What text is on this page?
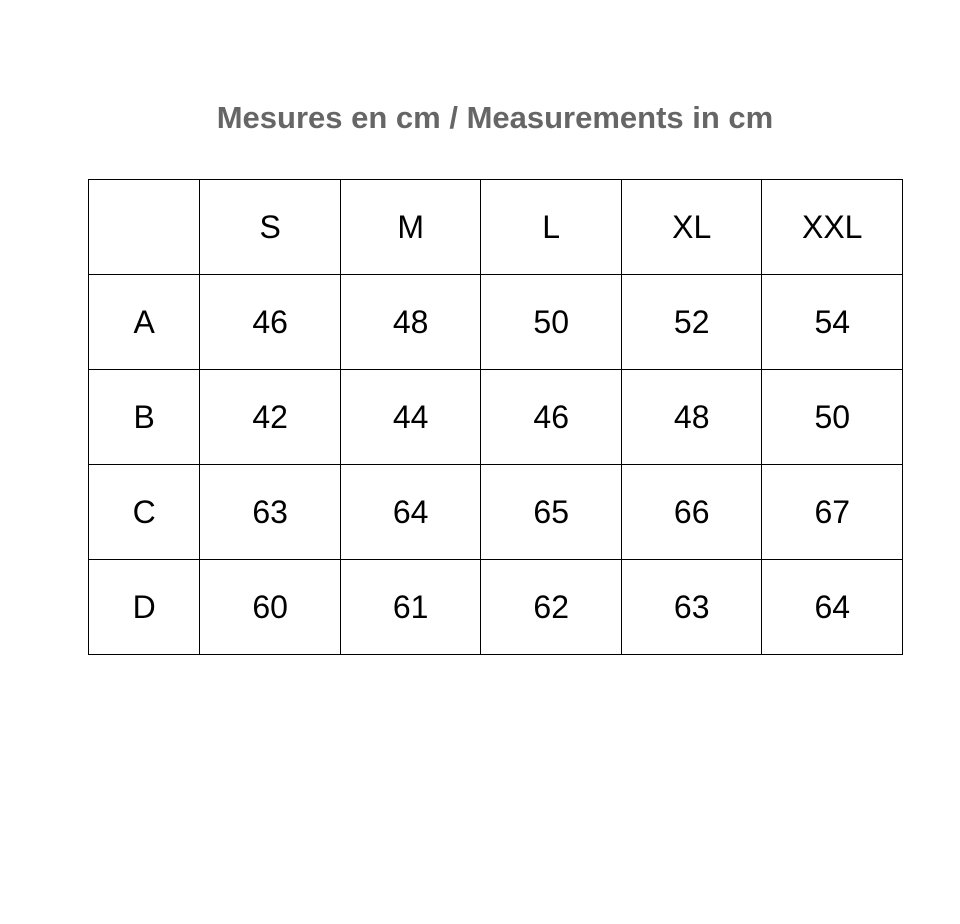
Mesures en cm / Measurements in cm
	S	M	L	XL	XXL
A	46	48	50	52	54
B	42	44	46	48	50
C	63	64	65	66	67
D	60	61	62	63	64
